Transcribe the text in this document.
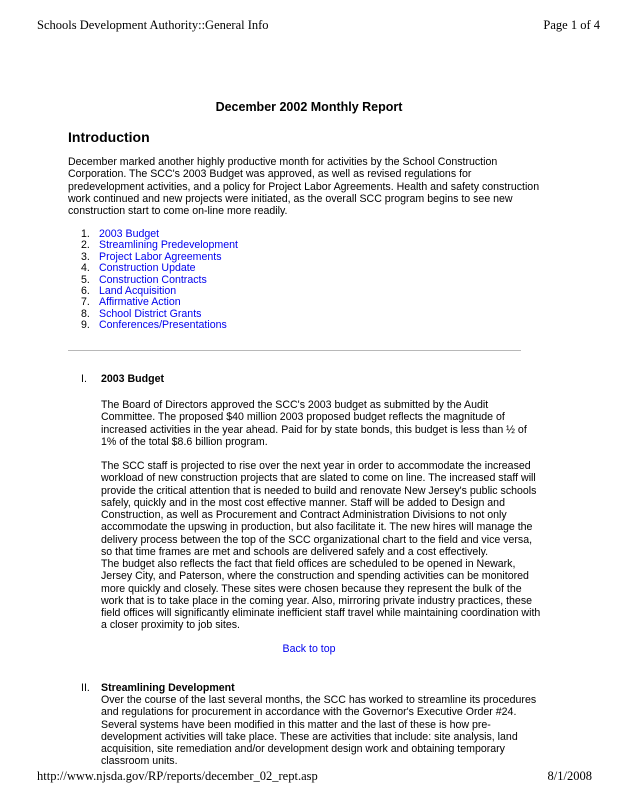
Schools Development Authority::General Info	Page 1 of 4
December 2002 Monthly Report
Introduction
December marked another highly productive month for activities by the School Construction
Corporation. The SCC's 2003 Budget was approved, as well as revised regulations for
predevelopment activities, and a policy for Project Labor Agreements. Health and safety construction
work continued and new projects were initiated, as the overall SCC program begins to see new
construction start to come on-line more readily.
1. 2003 Budget
2. Streamlining Predevelopment
3. Project Labor Agreements
4. Construction Update
5. Construction Contracts
6. Land Acquisition
7. Affirmative Action
8. School District Grants
9. Conferences/Presentations
I. 2003 Budget
The Board of Directors approved the SCC's 2003 budget as submitted by the Audit
Committee. The proposed $40 million 2003 proposed budget reflects the magnitude of
increased activities in the year ahead. Paid for by state bonds, this budget is less than ½ of
1% of the total $8.6 billion program.
The SCC staff is projected to rise over the next year in order to accommodate the increased
workload of new construction projects that are slated to come on line. The increased staff will
provide the critical attention that is needed to build and renovate New Jersey's public schools
safely, quickly and in the most cost effective manner. Staff will be added to Design and
Construction, as well as Procurement and Contract Administration Divisions to not only
accommodate the upswing in production, but also facilitate it. The new hires will manage the
delivery process between the top of the SCC organizational chart to the field and vice versa,
so that time frames are met and schools are delivered safely and a cost effectively.
The budget also reflects the fact that field offices are scheduled to be opened in Newark,
Jersey City, and Paterson, where the construction and spending activities can be monitored
more quickly and closely. These sites were chosen because they represent the bulk of the
work that is to take place in the coming year. Also, mirroring private industry practices, these
field offices will significantly eliminate inefficient staff travel while maintaining coordination with
a closer proximity to job sites.
Back to top
II. Streamlining Development
Over the course of the last several months, the SCC has worked to streamline its procedures
and regulations for procurement in accordance with the Governor's Executive Order #24.
Several systems have been modified in this matter and the last of these is how pre-
development activities will take place. These are activities that include: site analysis, land
acquisition, site remediation and/or development design work and obtaining temporary
classroom units.
http://www.njsda.gov/RP/reports/december_02_rept.asp	8/1/2008
